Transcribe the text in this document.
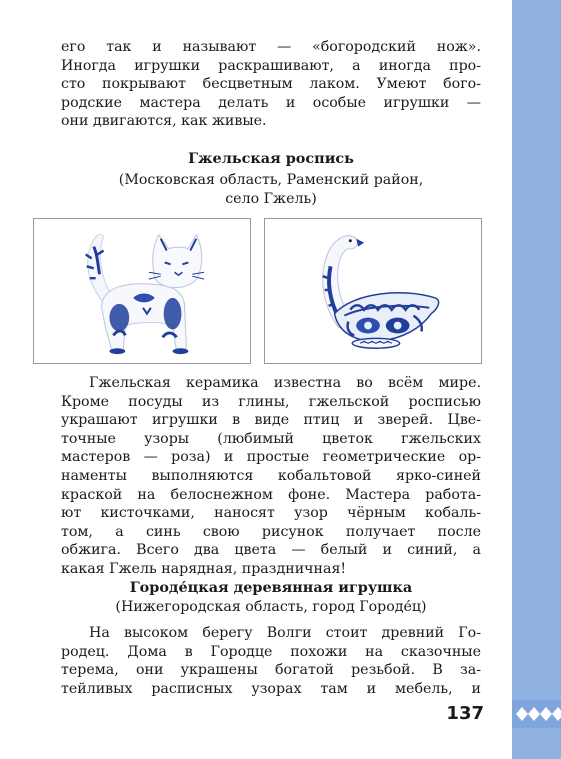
его так и называют — «богородский нож».
Иногда игрушки раскрашивают, а иногда про-
сто покрывают бесцветным лаком. Умеют бого-
родские мастера делать и особые игрушки —
они двигаются, как живые.
Гжельская роспись
(Московская область, Раменский район,
село Гжель)
Гжельская керамика известна во всём мире.
Кроме посуды из глины, гжельской росписью
украшают игрушки в виде птиц и зверей. Цве-
точные узоры (любимый цветок гжельских
мастеров — роза) и простые геометрические ор-
наменты выполняются кобальтовой ярко-синей
краской на белоснежном фоне. Мастера работа-
ют кисточками, наносят узор чёрным кобаль-
том, а синь свою рисунок получает после
обжига. Всего два цвета — белый и синий, а
какая Гжель нарядная, праздничная!
Городе́цкая деревянная игрушка
(Нижегородская область, город Городе́ц)
На высоком берегу Волги стоит древний Го-
родец. Дома в Городце похожи на сказочные
терема, они украшены богатой резьбой. В за-
тейливых расписных узорах там и мебель, и
137
